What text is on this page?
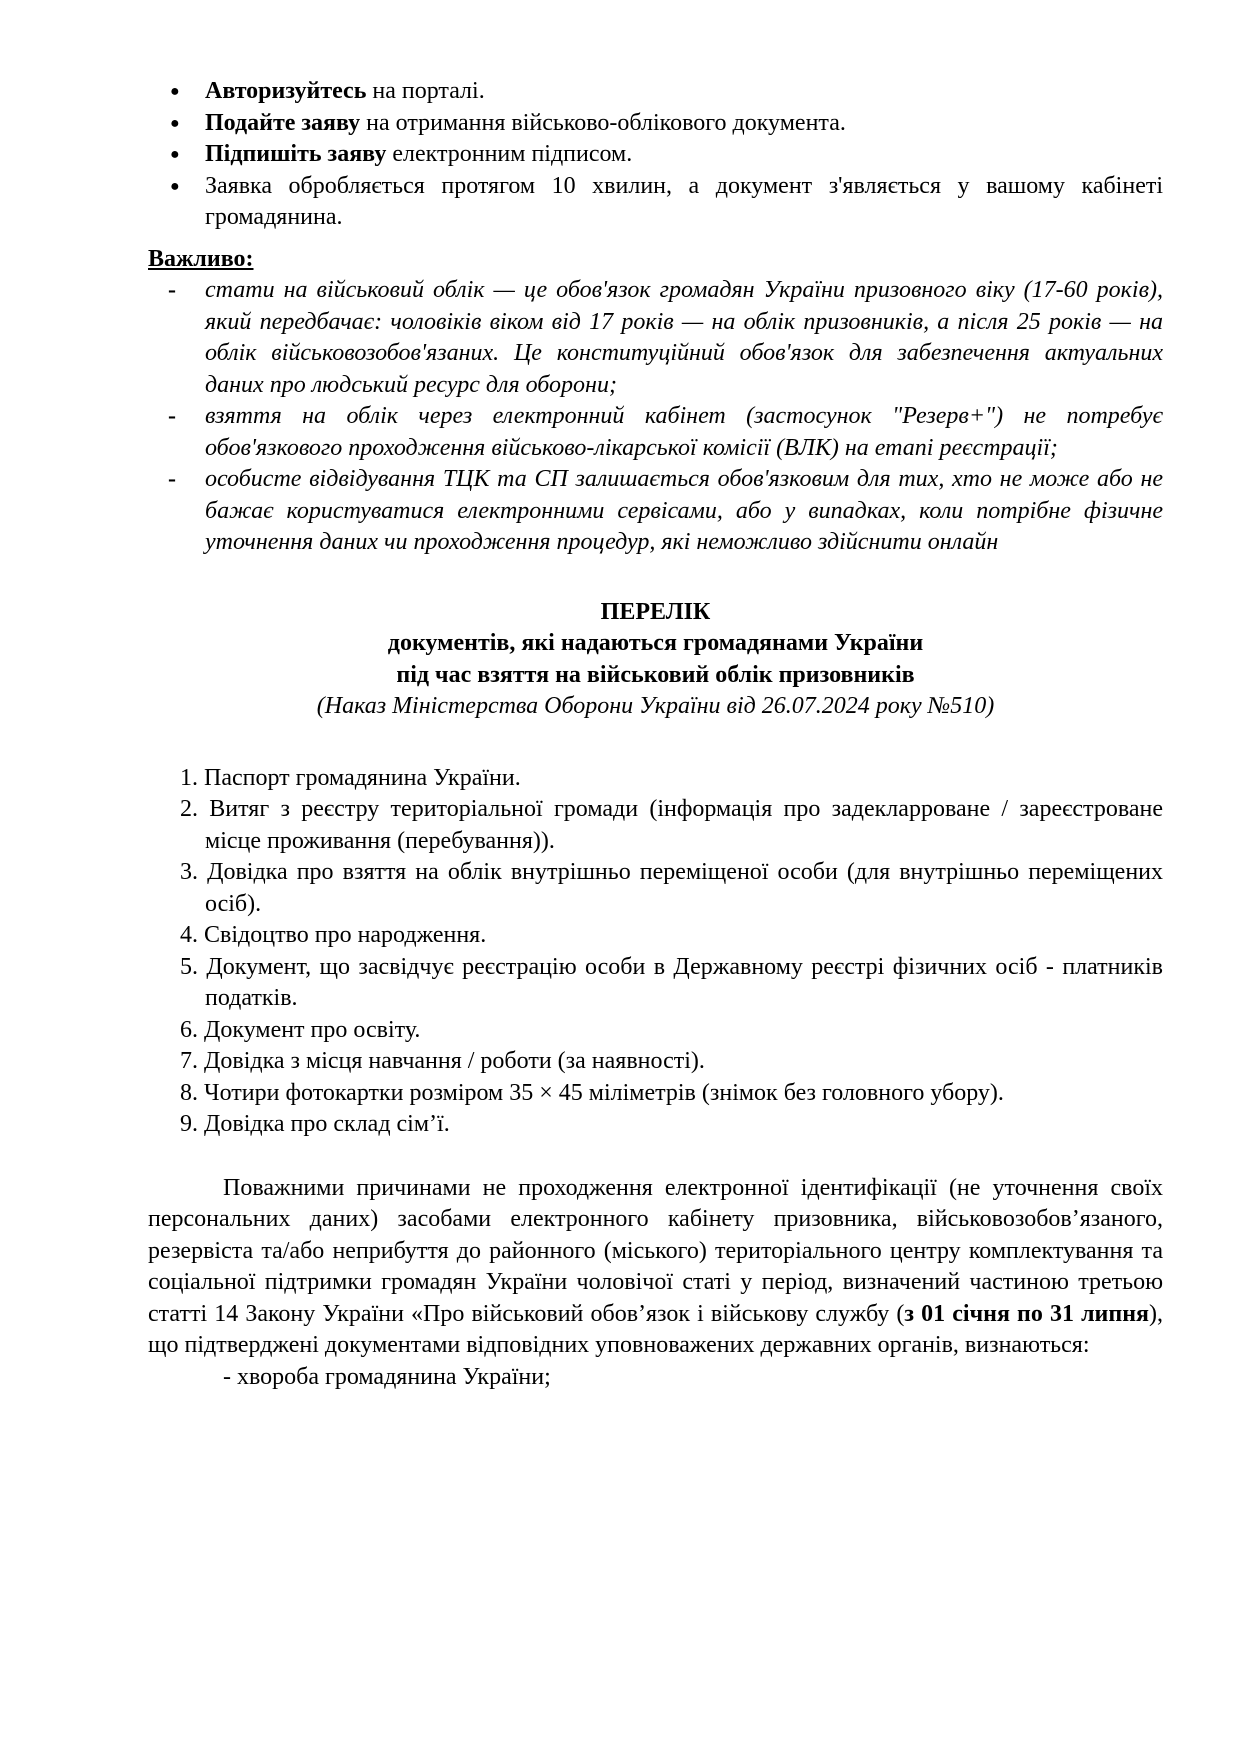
● Авторизуйтесь на порталі.
● Подайте заяву на отримання військово-облікового документа.
● Підпишіть заяву електронним підписом.
● Заявка обробляється протягом 10 хвилин, а документ з'являється у вашому кабінеті громадянина.
Важливо:
- стати на військовий облік — це обов'язок громадян України призовного віку (17-60 років), який передбачає: чоловіків віком від 17 років — на облік призовників, а після 25 років — на облік військовозобов'язаних. Це конституційний обов'язок для забезпечення актуальних даних про людський ресурс для оборони;
- взяття на облік через електронний кабінет (застосунок "Резерв+") не потребує обов'язкового проходження військово-лікарської комісії (ВЛК) на етапі реєстрації;
- особисте відвідування ТЦК та СП залишається обов'язковим для тих, хто не може або не бажає користуватися електронними сервісами, або у випадках, коли потрібне фізичне уточнення даних чи проходження процедур, які неможливо здійснити онлайн
ПЕРЕЛІК
документів, які надаються громадянами України
під час взяття на військовий облік призовників
(Наказ Міністерства Оборони України від 26.07.2024 року №510)
1. Паспорт громадянина України.
2. Витяг з реєстру територіальної громади (інформація про задекларроване / зареєстроване місце проживання (перебування)).
3. Довідка про взяття на облік внутрішньо переміщеної особи (для внутрішньо переміщених осіб).
4. Свідоцтво про народження.
5. Документ, що засвідчує реєстрацію особи в Державному реєстрі фізичних осіб - платників податків.
6. Документ про освіту.
7. Довідка з місця навчання / роботи (за наявності).
8. Чотири фотокартки розміром 35 × 45 міліметрів (знімок без головного убору).
9. Довідка про склад сім’ї.
Поважними причинами не проходження електронної ідентифікації (не уточнення своїх персональних даних) засобами електронного кабінету призовника, військовозобов’язаного, резервіста та/або неприбуття до районного (міського) територіального центру комплектування та соціальної підтримки громадян України чоловічої статі у період, визначений частиною третьою статті 14 Закону України «Про військовий обов’язок і військову службу (з 01 січня по 31 липня), що підтверджені документами відповідних уповноважених державних органів, визнаються:
- хвороба громадянина України;
